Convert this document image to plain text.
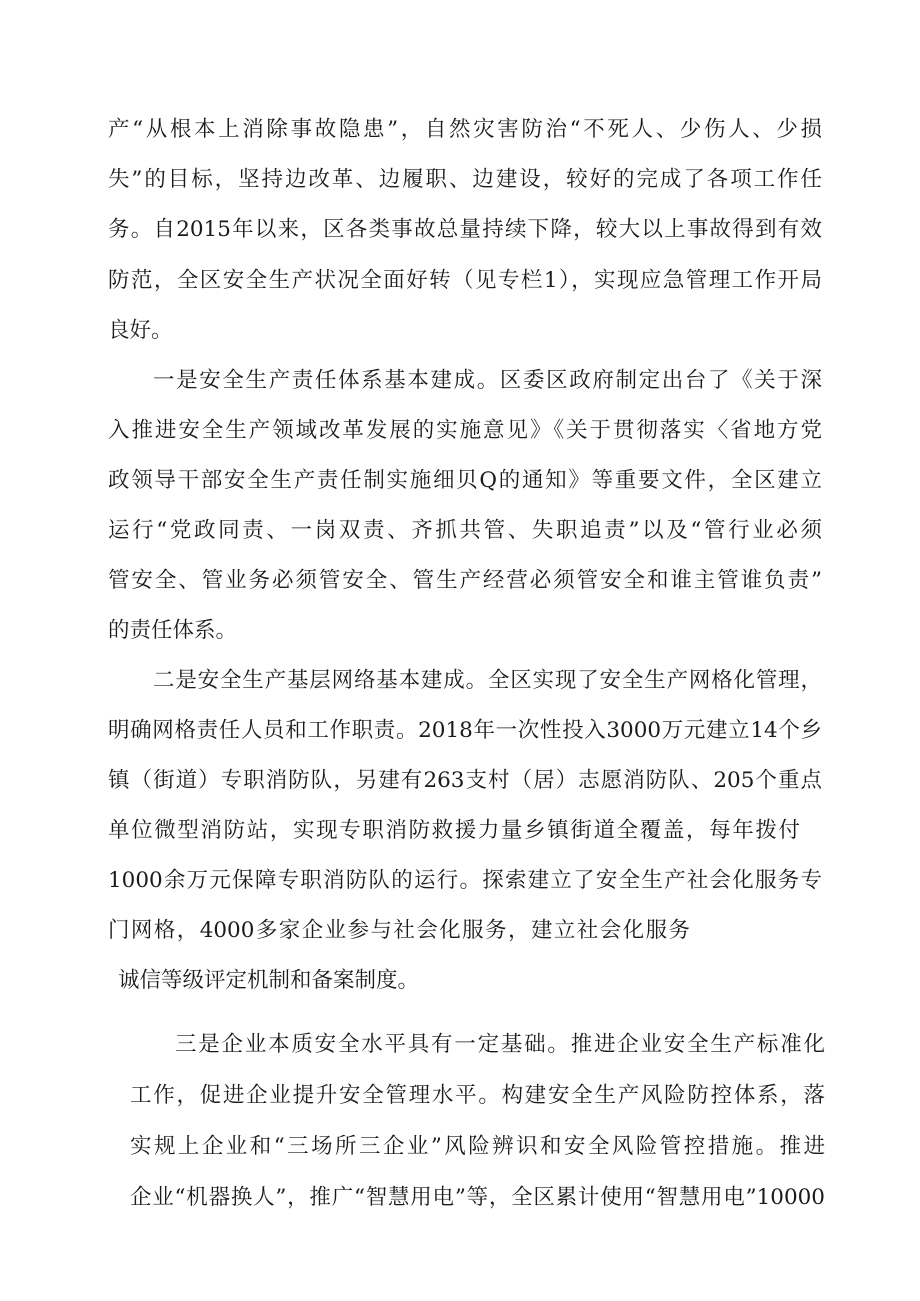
产“从根本上消除事故隐患”，自然灾害防治“不死人、少伤人、少损
失”的目标，坚持边改革、边履职、边建设，较好的完成了各项工作任
务。自2015年以来，区各类事故总量持续下降，较大以上事故得到有效
防范，全区安全生产状况全面好转（见专栏1），实现应急管理工作开局
良好。
一是安全生产责任体系基本建成。区委区政府制定出台了《关于深
入推进安全生产领域改革发展的实施意见》《关于贯彻落实〈省地方党
政领导干部安全生产责任制实施细贝Q的通知》等重要文件，全区建立
运行“党政同责、一岗双责、齐抓共管、失职追责”以及“管行业必须
管安全、管业务必须管安全、管生产经营必须管安全和谁主管谁负责”
的责任体系。
二是安全生产基层网络基本建成。全区实现了安全生产网格化管理，
明确网格责任人员和工作职责。2018年一次性投入3000万元建立14个乡
镇（街道）专职消防队，另建有263支村（居）志愿消防队、205个重点
单位微型消防站，实现专职消防救援力量乡镇街道全覆盖，每年拨付
1000余万元保障专职消防队的运行。探索建立了安全生产社会化服务专
门网格，4000多家企业参与社会化服务，建立社会化服务
诚信等级评定机制和备案制度。
三是企业本质安全水平具有一定基础。推进企业安全生产标准化
工作，促进企业提升安全管理水平。构建安全生产风险防控体系，落
实规上企业和“三场所三企业”风险辨识和安全风险管控措施。推进
企业“机器换人”，推广“智慧用电”等，全区累计使用“智慧用电”10000
